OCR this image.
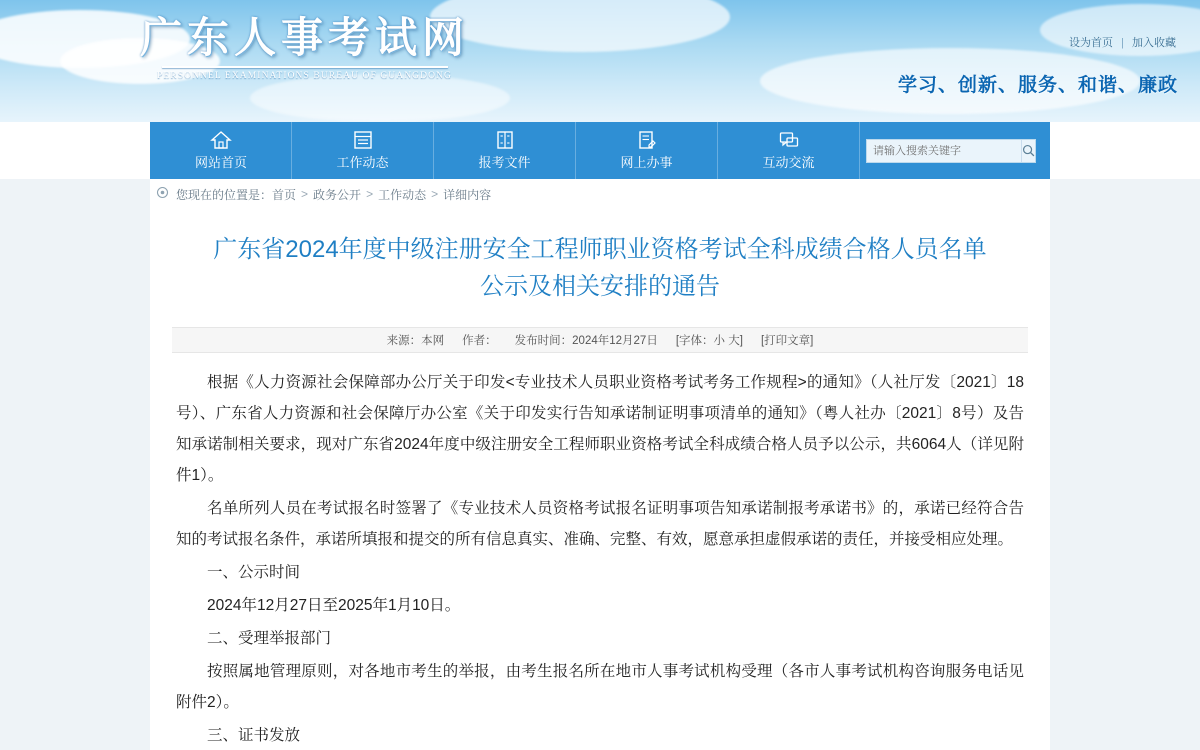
广东人事考试网
PERSONNEL EXAMINATIONS BUREAU OF GUANGDONG
设为首页 | 加入收藏
学习、创新、服务、和谐、廉政
网站首页	工作动态	报考文件	网上办事	互动交流
请输入搜索关键字
您现在的位置是： 首页 > 政务公开 > 工作动态 > 详细内容
广东省2024年度中级注册安全工程师职业资格考试全科成绩合格人员名单公示及相关安排的通告
来源：本网 作者： 发布时间：2024年12月27日 [字体：小 大] [打印文章]

根据《人力资源社会保障部办公厅关于印发<专业技术人员职业资格考试考务工作规程>的通知》（人社厅发〔2021〕18号）、广东省人力资源和社会保障厅办公室《关于印发实行告知承诺制证明事项清单的通知》（粤人社办〔2021〕8号）及告知承诺制相关要求，现对广东省2024年度中级注册安全工程师职业资格考试全科成绩合格人员予以公示，共6064人（详见附件1）。

名单所列人员在考试报名时签署了《专业技术人员资格考试报名证明事项告知承诺制报考承诺书》的，承诺已经符合告知的考试报名条件，承诺所填报和提交的所有信息真实、准确、完整、有效，愿意承担虚假承诺的责任，并接受相应处理。

一、公示时间

2024年12月27日至2025年1月10日。

二、受理举报部门

按照属地管理原则，对各地市考生的举报，由考生报名所在地市人事考试机构受理（各市人事考试机构咨询服务电话见附件2）。

三、证书发放
